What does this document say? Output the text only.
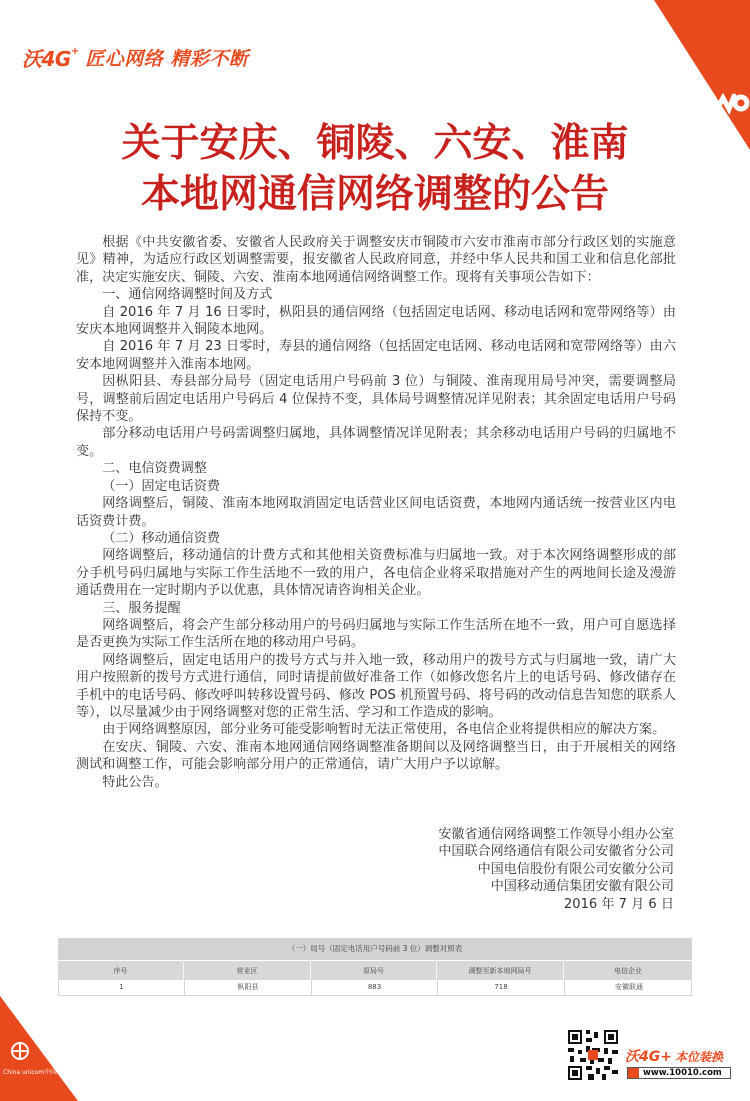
沃4G + 匠心网络 精彩不断
关于安庆、铜陵、六安、淮南
本地网通信网络调整的公告

根据《中共安徽省委、安徽省人民政府关于调整安庆市铜陵市六安市淮南市部分行政区划的实施意见》精神，为适应行政区划调整需要，报安徽省人民政府同意，并经中华人民共和国工业和信息化部批准，决定实施安庆、铜陵、六安、淮南本地网通信网络调整工作。现将有关事项公告如下：

一、通信网络调整时间及方式

自 2016 年 7 月 16 日零时，枞阳县的通信网络（包括固定电话网、移动电话网和宽带网络等）由安庆本地网调整并入铜陵本地网。

自 2016 年 7 月 23 日零时，寿县的通信网络（包括固定电话网、移动电话网和宽带网络等）由六安本地网调整并入淮南本地网。

因枞阳县、寿县部分局号（固定电话用户号码前 3 位）与铜陵、淮南现用局号冲突，需要调整局号，调整前后固定电话用户号码后 4 位保持不变，具体局号调整情况详见附表；其余固定电话用户号码保持不变。

部分移动电话用户号码需调整归属地，具体调整情况详见附表；其余移动电话用户号码的归属地不变。

二、电信资费调整

（一）固定电话资费

网络调整后，铜陵、淮南本地网取消固定电话营业区间电话资费，本地网内通话统一按营业区内电话资费计费。

（二）移动通信资费

网络调整后，移动通信的计费方式和其他相关资费标准与归属地一致。对于本次网络调整形成的部分手机号码归属地与实际工作生活地不一致的用户，各电信企业将采取措施对产生的两地间长途及漫游通话费用在一定时期内予以优惠，具体情况请咨询相关企业。

三、服务提醒

网络调整后，将会产生部分移动用户的号码归属地与实际工作生活所在地不一致，用户可自愿选择是否更换为实际工作生活所在地的移动用户号码。

网络调整后，固定电话用户的拨号方式与并入地一致，移动用户的拨号方式与归属地一致，请广大用户按照新的拨号方式进行通信，同时请提前做好准备工作（如修改您名片上的电话号码、修改储存在手机中的电话号码、修改呼叫转移设置号码、修改 POS 机预置号码、将号码的改动信息告知您的联系人等），以尽量减少由于网络调整对您的正常生活、学习和工作造成的影响。

由于网络调整原因，部分业务可能受影响暂时无法正常使用，各电信企业将提供相应的解决方案。

在安庆、铜陵、六安、淮南本地网通信网络调整准备期间以及网络调整当日，由于开展相关的网络测试和调整工作，可能会影响部分用户的正常通信，请广大用户予以谅解。

特此公告。

安徽省通信网络调整工作领导小组办公室
中国联合网络通信有限公司安徽省分公司
中国电信股份有限公司安徽分公司
中国移动通信集团安徽有限公司
2016 年 7 月 6 日
（一）局号（固定电话用户号码前 3 位）调整对照表
序号	营业区	原局号	调整至新本地网局号	电信企业
1	枞阳县	883	718	安徽联通
China unicom中国联通
沃4G+ 本位装换
www.10010.com
